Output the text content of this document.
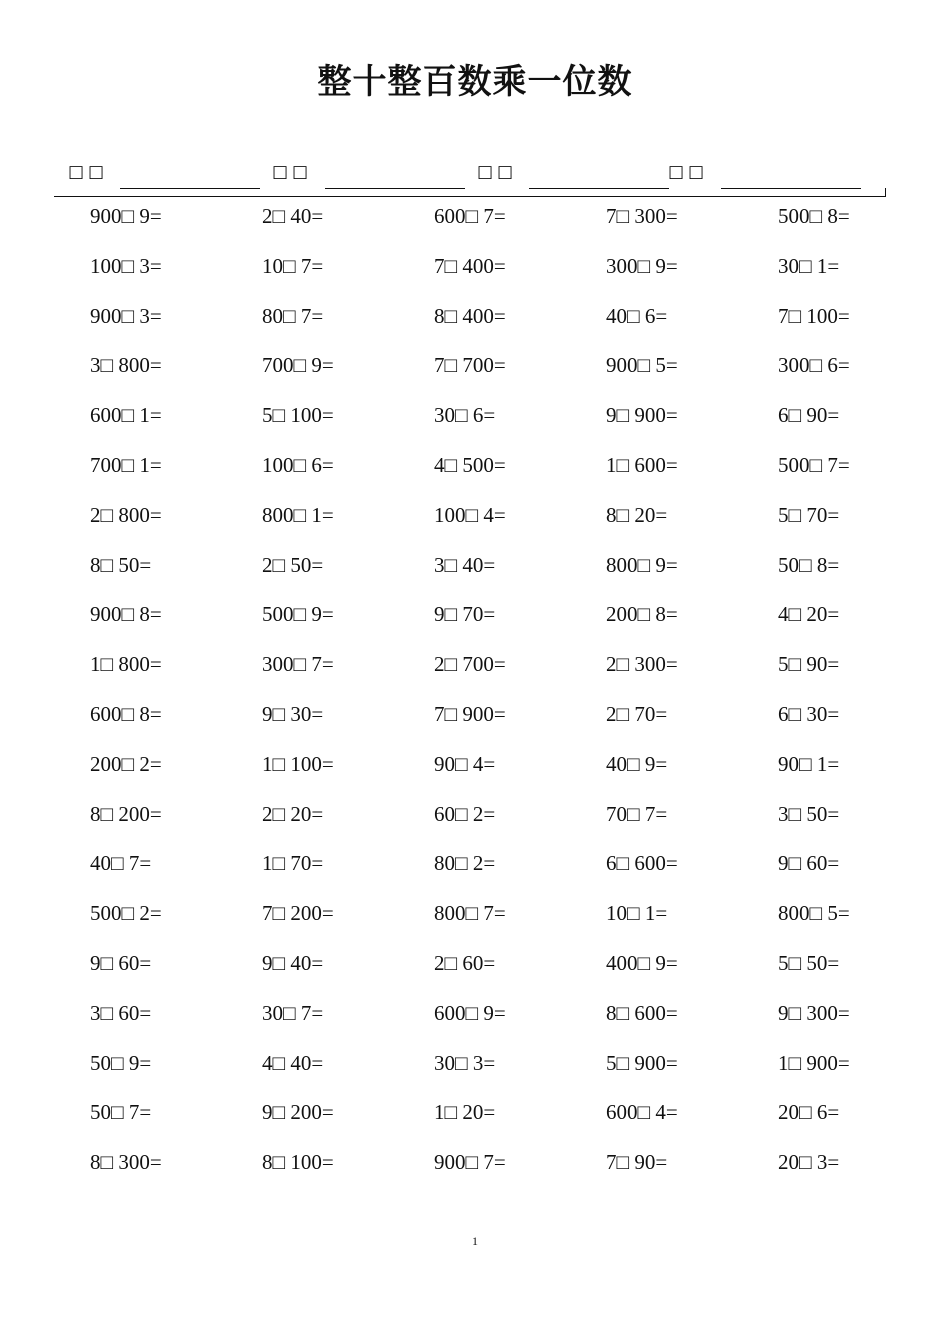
整十整百数乘一位数
□□	□□	□□	□□
900□ 9=	2□ 40=	600□ 7=	7□ 300=	500□ 8=
100□ 3=	10□ 7=	7□ 400=	300□ 9=	30□ 1=
900□ 3=	80□ 7=	8□ 400=	40□ 6=	7□ 100=
3□ 800=	700□ 9=	7□ 700=	900□ 5=	300□ 6=
600□ 1=	5□ 100=	30□ 6=	9□ 900=	6□ 90=
700□ 1=	100□ 6=	4□ 500=	1□ 600=	500□ 7=
2□ 800=	800□ 1=	100□ 4=	8□ 20=	5□ 70=
8□ 50=	2□ 50=	3□ 40=	800□ 9=	50□ 8=
900□ 8=	500□ 9=	9□ 70=	200□ 8=	4□ 20=
1□ 800=	300□ 7=	2□ 700=	2□ 300=	5□ 90=
600□ 8=	9□ 30=	7□ 900=	2□ 70=	6□ 30=
200□ 2=	1□ 100=	90□ 4=	40□ 9=	90□ 1=
8□ 200=	2□ 20=	60□ 2=	70□ 7=	3□ 50=
40□ 7=	1□ 70=	80□ 2=	6□ 600=	9□ 60=
500□ 2=	7□ 200=	800□ 7=	10□ 1=	800□ 5=
9□ 60=	9□ 40=	2□ 60=	400□ 9=	5□ 50=
3□ 60=	30□ 7=	600□ 9=	8□ 600=	9□ 300=
50□ 9=	4□ 40=	30□ 3=	5□ 900=	1□ 900=
50□ 7=	9□ 200=	1□ 20=	600□ 4=	20□ 6=
8□ 300=	8□ 100=	900□ 7=	7□ 90=	20□ 3=
1
